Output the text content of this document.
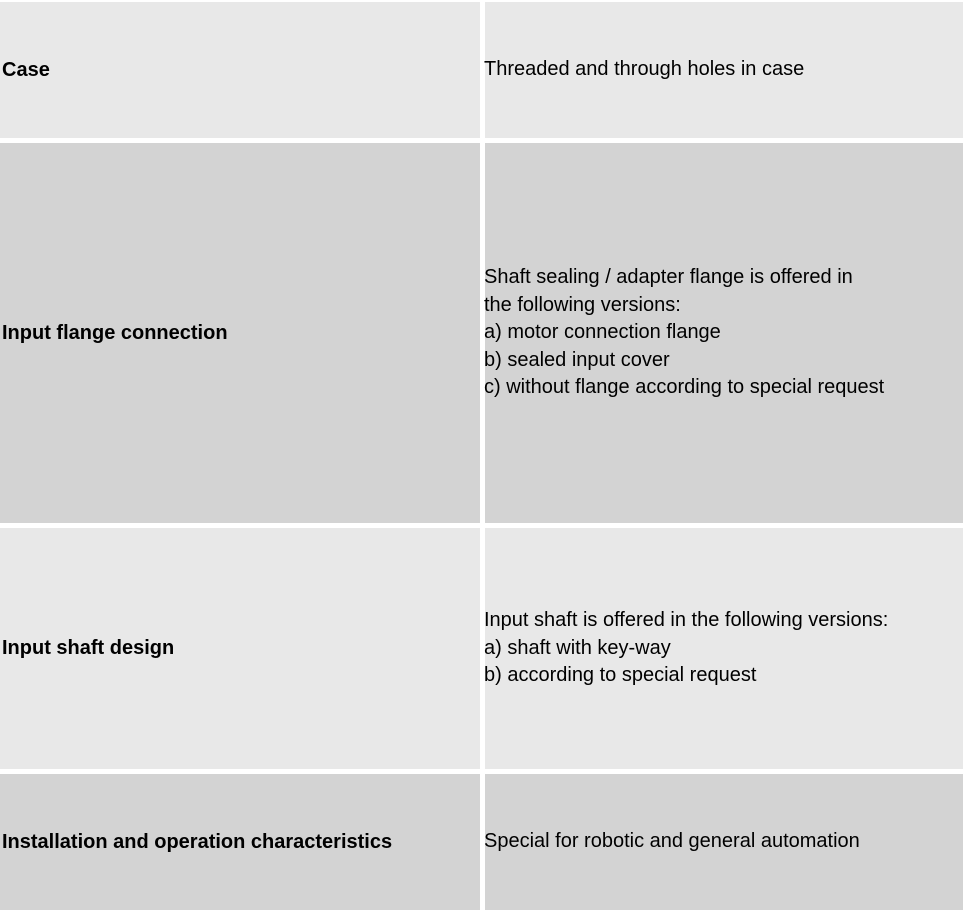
Case	Threaded and through holes in case
Input flange connection
Shaft sealing / adapter flange is offered in
the following versions:
a) motor connection flange
b) sealed input cover
c) without flange according to special request
Input shaft design
Input shaft is offered in the following versions:
a) shaft with key-way
b) according to special request
Installation and operation characteristics	Special for robotic and general automation
